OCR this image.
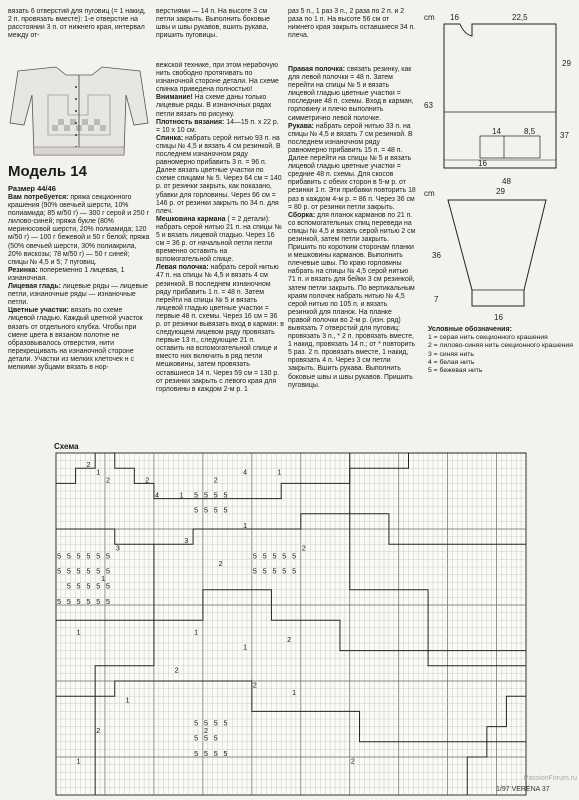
вязать 6 отверстий для пуговиц (= 1 накид, 2 п. провязать вместе): 1-е отверстие на расстоянии 3 п. от нижнего края, интервал между от-
верстиями — 14 п. На высоте 3 см петли закрыть. Выполнить боковые швы и швы рукавов, вшить рукава, пришить пуговицы.
раз 5 п., 1 раз 3 п., 2 раза по 2 п. и 2 раза по 1 п. На высоте 56 см от нижнего края закрыть оставшиеся 34 п. плеча.
Модель 14
Размер 44/46
Вам потребуется: пряжа секционного крашения (90% овечьей шерсти, 10% полиамида; 85 м/50 г) — 300 г серой и 250 г лилово-синей; пряжа букле (80% мериносовой шерсти, 20% полиамида; 120 м/50 г) — 100 г бежевой и 50 г белой; пряжа (50% овечьей шерсти, 30% полиакрила, 20% вискозы; 78 м/50 г) — 50 г синей; спицы № 4,5 и 5; 7 пуговиц.
Резинка: попеременно 1 лицевая, 1 изнаночная.
Лицевая гладь: лицевые ряды — лицевые петли, изнаночные ряды — изнаночные петли.
Цветные участки: вязать по схеме лицевой гладью. Каждый цветной участок вязать от отдельного клубка. Чтобы при смене цвета в вязаном полотне не образовывалось отверстия, нити перекрещивать на изнаночной стороне детали. Участки из мелких клеточек н с мелкими зубцами вязать в нор-
вежской технике, при этом нерабочую нить свободно протягивать по изнаночной стороне детали. На схеме спинка приведена полностью!
Внимание! На схеме даны только лицевые ряды. В изнаночных рядах петли вязать по рисунку.
Плотность вязания: 14—15 п. х 22 р. = 10 х 10 см.
Спинка: набрать серой нитью 93 п. на спицы № 4,5 и вязать 4 см резинкой. В последнем изнаночном ряду равномерно прибавить 3 п. = 96 п. Далее вязать цветные участки по схеме спицами № 5. Через 64 см = 140 р. от резинки закрыть, как показано, убавки для горловины. Через 66 см = 146 р. от резинки закрыть по 34 п. для плеч.
Мешковина кармана ( = 2 детали): набрать серой нитью 21 п. на спицы № 5 и вязать лицевой гладью. Через 16 см = 36 р. от начальной петли петли временно оставить на вспомогательной спице.
Левая полочка: набрать серой нитью 47 п. на спицы № 4,5 и вязать 4 см резинкой. В последнем изнаночном ряду прибавить 1 п. = 48 п. Затем перейти на спицы № 5 и вязать лицевой гладью цветные участки = первые 48 п. схемы. Через 16 см = 36 р. от резинки вывязать вход в карман: в следующем лицевом ряду провязать первые 13 п., следующие 21 п. оставить на вспомогательной спице и вместо них включить в ряд петли мешковины, затем провязать оставшиеся 14 п. Через 59 см = 130 р. от резинки закрыть с левого края для горловины в каждом 2-м р. 1
Правая полочка: связать резинку, как для левой полочки = 48 п. Затем перейти на спицы № 5 и вязать лицевой гладью цветные участки = последние 48 п. схемы. Вход в карман, горловину и плечо выполнить симметрично левой полочке.
Рукава: набрать серой нитью 33 п. на спицы № 4,5 и вязать 7 см резинкой. В последнем изнаночном ряду равномерно прибавить 15 п. = 48 п. Далее перейти на спицы № 5 и вязать лицевой гладью цветные участки = средние 48 п. схемы. Для скосов прибавить с обеих сторон в 5-м р. от резинки 1 п. Эти прибавки повторить 18 раз в каждом 4-м р. = 86 п. Через 36 см = 80 р. от резинки петли закрыть.
Сборка: для планок карманов по 21 п. со вспомогательных спиц переведи на спицы № 4,5 и вязать серой нитью 2 см резинкой, затем петли закрыть. Пришить по коротким сторонам планки и мешковины карманов. Выполнить плечевые швы. По краю горловины набрать на спицы № 4,5 серой нитью 71 п. и вязать для бейки 3 см резинкой, затем петли закрыть. По вертикальным краям полочек набрать нитью № 4,5 серой нитью по 105 п. и вязать резинкой для планок. На планке правой полочки во 2-м р. (изн. ряд) вывязать 7 отверстий для пуговиц: провязать 3 п., * 2 п. провязать вместе, 1 накид, провязать 14 п.; от * повторить 5 раз. 2 п. провязать вместе, 1 накид, провязать 4 п. Через 3 см петли закрыть. Вшить рукава. Выполнить боковые швы и швы рукавов. Пришить пуговицы.
cm 16	22,5
29
37
63
14	8,5
16
48
cm	29
36
7
16
Условные обозначения:
1 = серая нить секционного крашения
2 = лилово-синяя нить секционного крашения
3 = синяя нить
4 = белая нить
5 = бежевая нить
Схема
5 5 5 5
5 5 5 5
5 5 5 5 5 5
5 5 5 5 5 5
5 5 5 5 5
5 5 5 5 5 5
5 5 5 5 5
5 5 5 5 5
5 5 5 5
5 5 5
5 5 5 5
2
2	2
4
4
1
1
1
1
1
1	1
2
2
2
2
2
2
3
3
1
1
2	2
1
2
1
PassionForum.ru
1/97 VERENA 37
